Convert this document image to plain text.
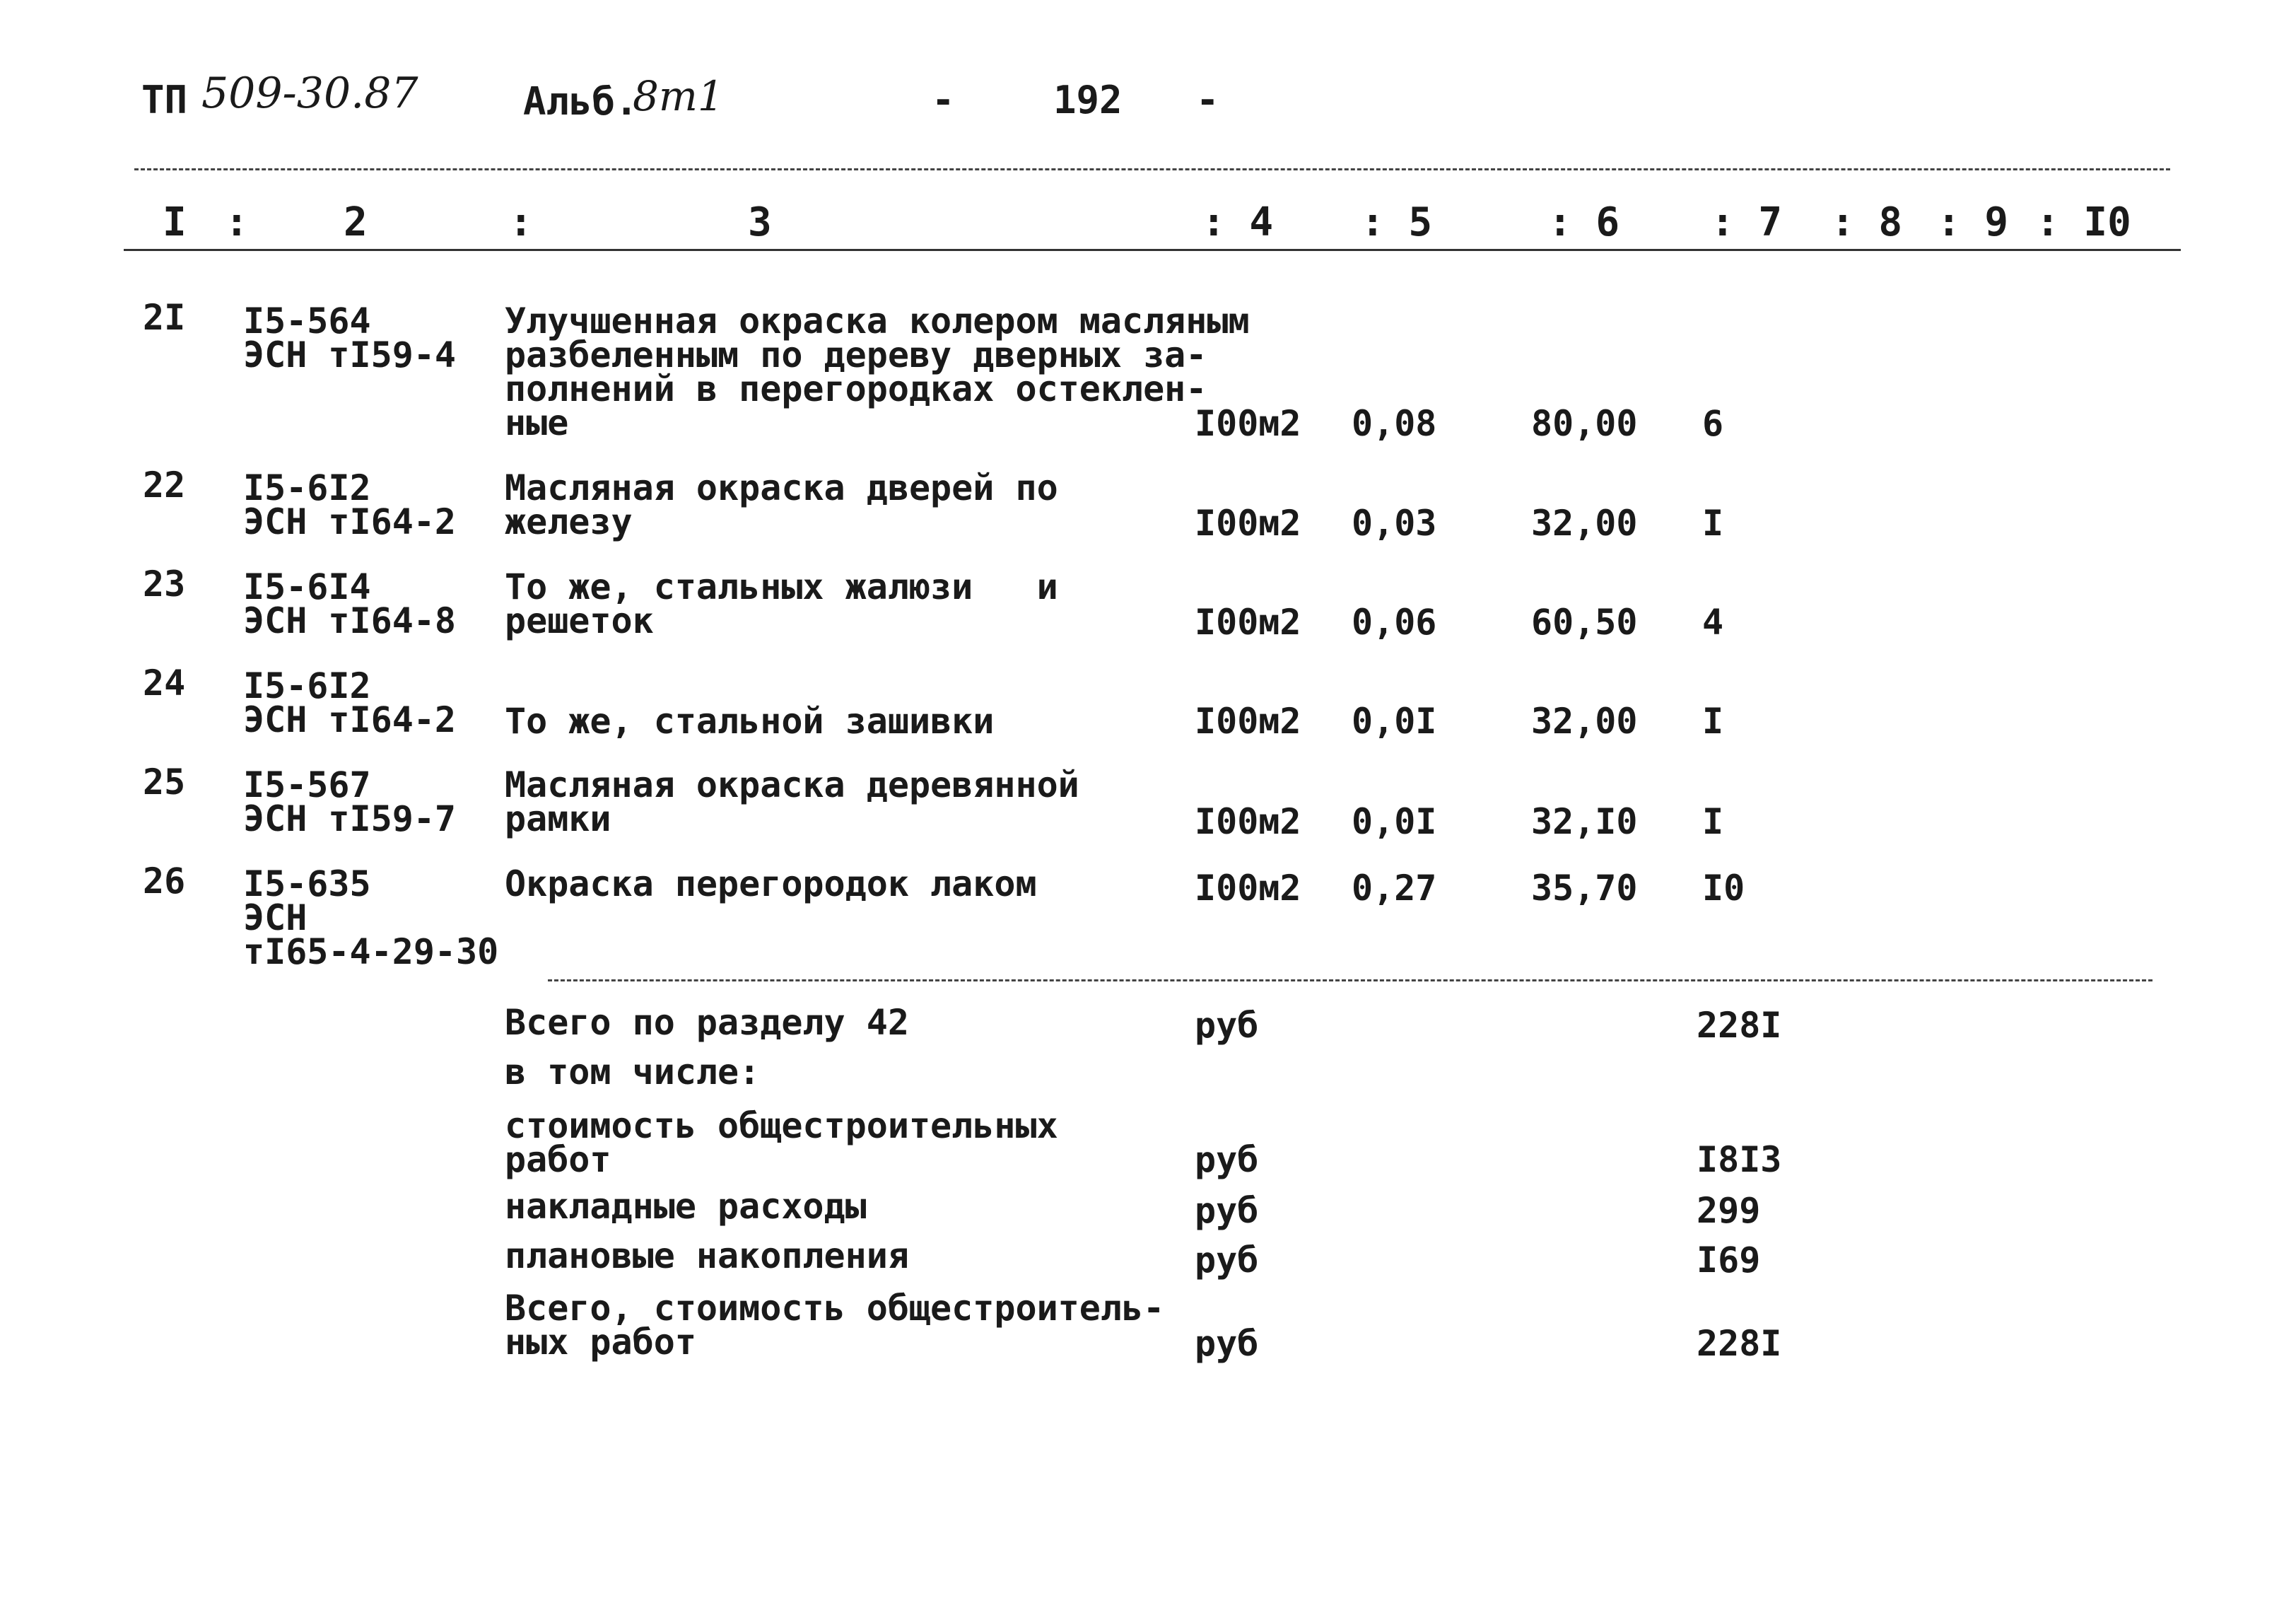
ТП 509-30.87	Альб.
8т1	-	192 -
I : 2	:	3	: 4 : 5	: 6 : 7 : 8 : 9 : I0
2I I5-564
ЭСН тI59-4
Улучшенная окраска колером масляным
разбеленным по дереву дверных за-
полнений в перегородках остеклен-
ные	I00м2 0,08	80,00 6
22 I5-6I2
ЭСН тI64-2
Масляная окраска дверей по
железу	I00м2 0,03	32,00 I
23 I5-6I4
ЭСН тI64-8
То же, стальных жалюзи   и
решеток	I00м2 0,06	60,50 4
24 I5-6I2
ЭСН тI64-2 То же, стальной зашивки	I00м2 0,0I	32,00 I
25 I5-567
ЭСН тI59-7
Масляная окраска деревянной
рамки	I00м2 0,0I	32,I0 I
26 I5-635
ЭСН
тI65-4-29-30
Окраска перегородок лаком	I00м2 0,27	35,70 I0
Всего по разделу 42	руб	228I
в том числе:
стоимость общестроительных
работ	руб	I8I3
накладные расходы	руб	299
плановые накопления	руб	I69
Всего, стоимость общестроитель-
ных работ	руб	228I
